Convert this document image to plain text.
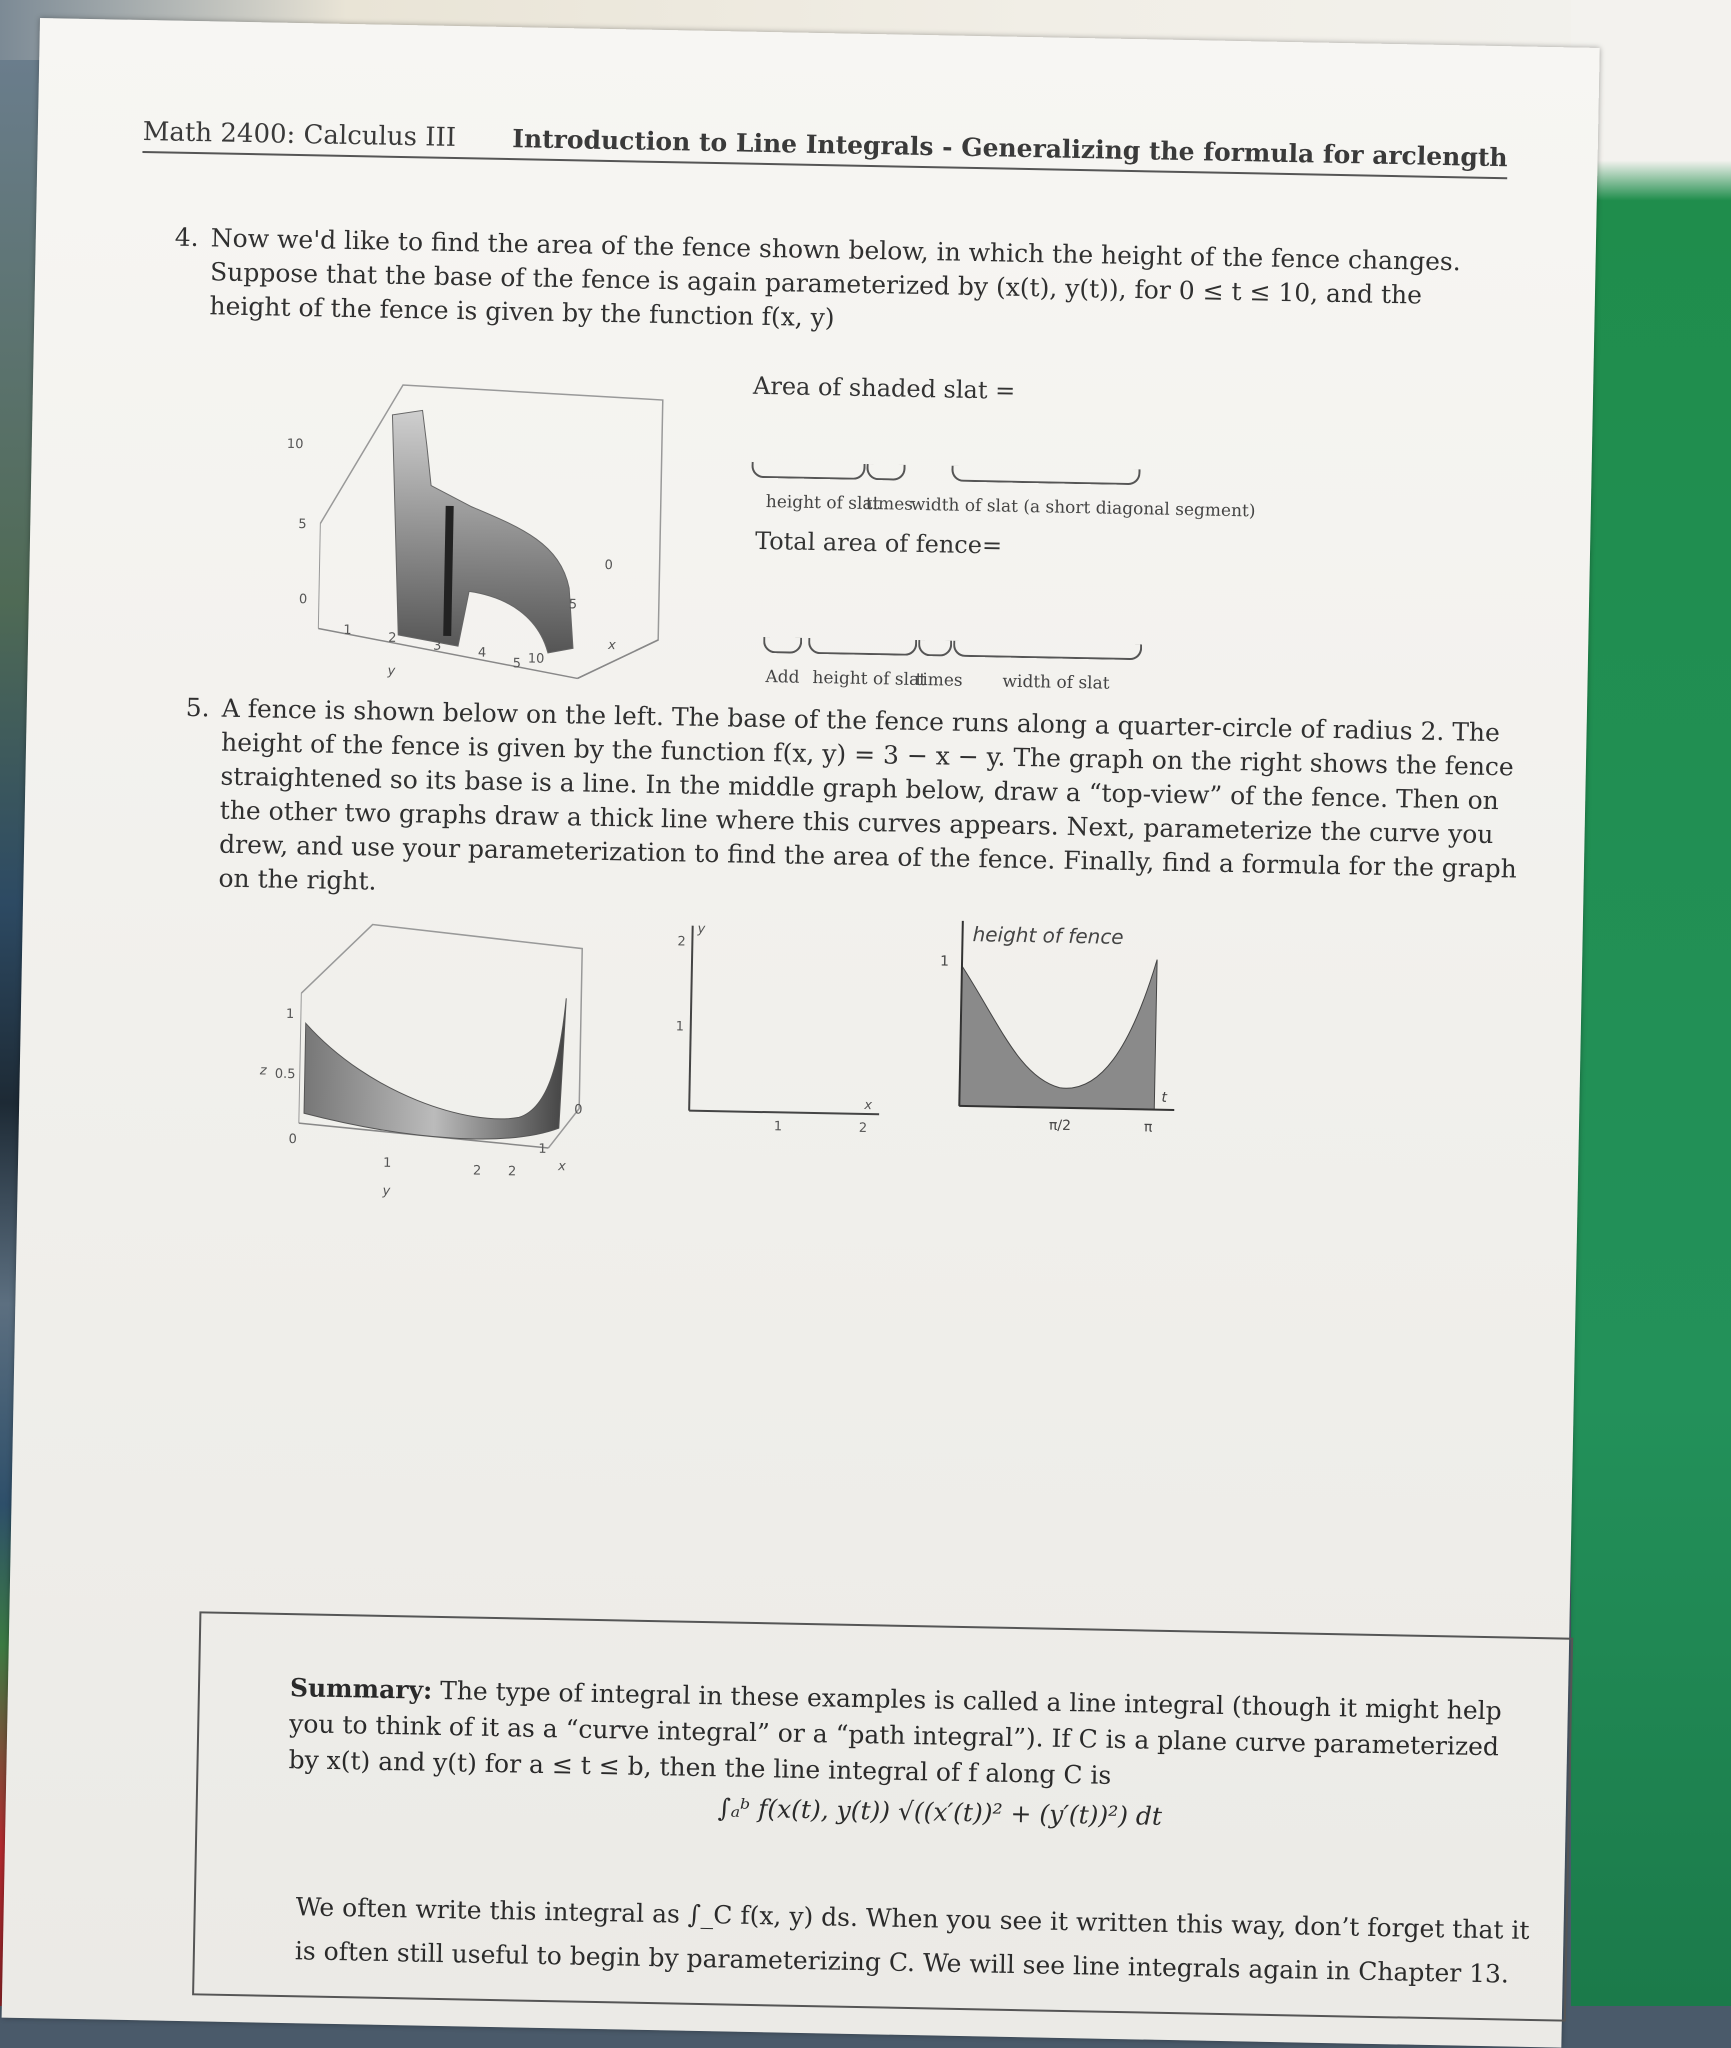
Math 2400: Calculus III Introduction to Line Integrals - Generalizing the formula for arclength
4. Now we'd like to find the area of the fence shown below, in which the height of the fence changes. Suppose that the base of the fence is again parameterized by (x(t), y(t)), for 0 ≤ t ≤ 10, and the height of the fence is given by the function f(x, y)
10
5
0
1
2
3	4
5
0
5
10
y
x
Area of shaded slat =
height of slat
times
width of slat (a short diagonal segment)
Total area of fence=
Add height of slat
times width of slat
5. A fence is shown below on the left. The base of the fence runs along a quarter-circle of radius 2. The height of the fence is given by the function f(x, y) = 3 − x − y. The graph on the right shows the fence straightened so its base is a line. In the middle graph below, draw a “top-view” of the fence. Then on the other two graphs draw a thick line where this curves appears. Next, parameterize the curve you drew, and use your parameterization to find the area of the fence. Finally, find a formula for the graph on the right.
1
0.5
0
1
2 2
1
0
y
x
z
2
1
1	2
y
x
height of fence
1
π/2	π
t
Summary: The type of integral in these examples is called a line integral (though it might help you to think of it as a “curve integral” or a “path integral”). If C is a plane curve parameterized by x(t) and y(t) for a ≤ t ≤ b, then the line integral of f along C is
∫ₐᵇ f(x(t), y(t)) √((x′(t))² + (y′(t))²) dt
We often write this integral as ∫_C f(x, y) ds. When you see it written this way, don’t forget that it is often still useful to begin by parameterizing C. We will see line integrals again in Chapter 13.
